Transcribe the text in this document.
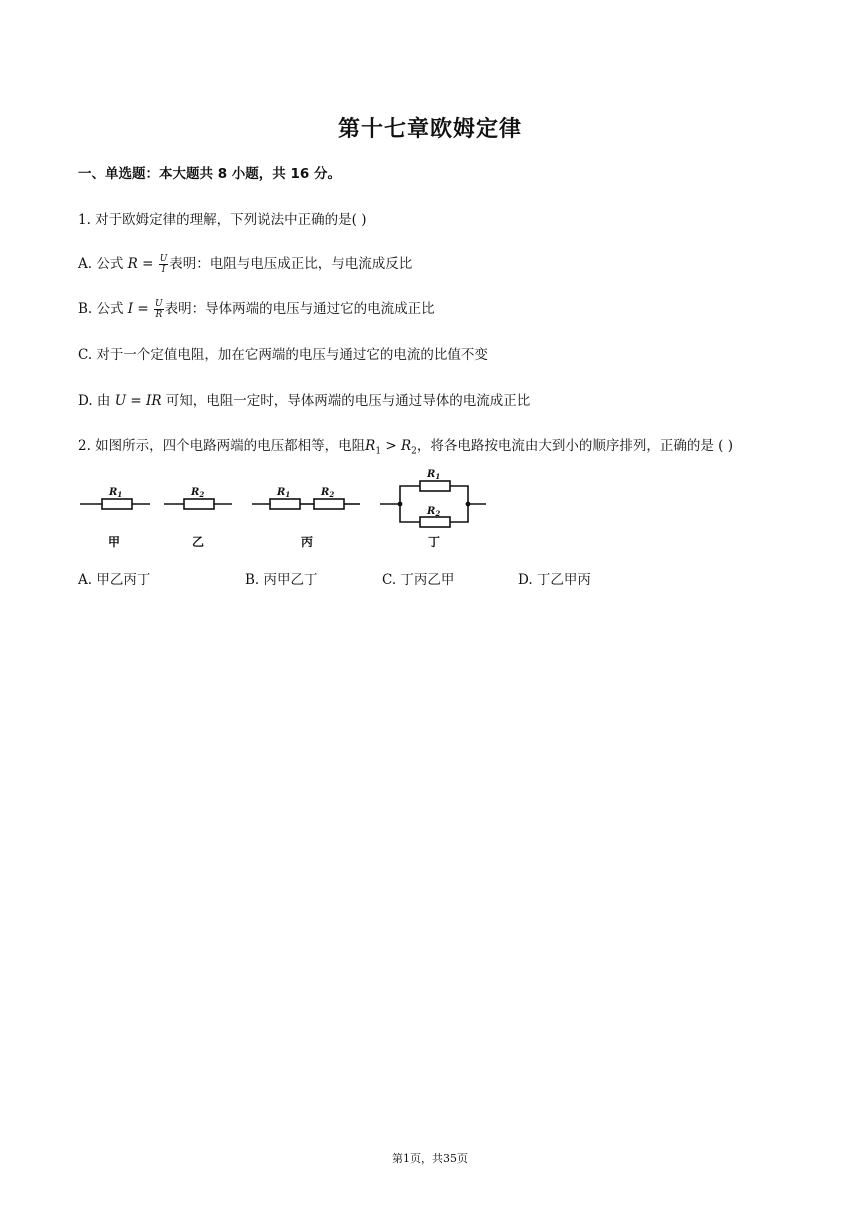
第十七章欧姆定律
一、单选题：本大题共 8 小题，共 16 分。
1. 对于欧姆定律的理解，下列说法中正确的是( )
A. 公式 $R = \frac{U}{I}$ 表明：电阻与电压成正比，与电流成反比
B. 公式 $I = \frac{U}{R}$ 表明：导体两端的电压与通过它的电流成正比
C. 对于一个定值电阻，加在它两端的电压与通过它的电流的比值不变
D. 由 U = IR 可知，电阻一定时，导体两端的电压与通过导体的电流成正比
2. 如图所示，四个电路两端的电压都相等，电阻$R_1 > R_2$，将各电路按电流由大到小的顺序排列，正确的是 ( )
$R_1$	$R_2$	$R_1$	$R_2$
$R_1$
$R_2$
甲	乙	丙	丁
A. 甲乙丙丁	B. 丙甲乙丁	C. 丁丙乙甲	D. 丁乙甲丙
第1页，共35页
